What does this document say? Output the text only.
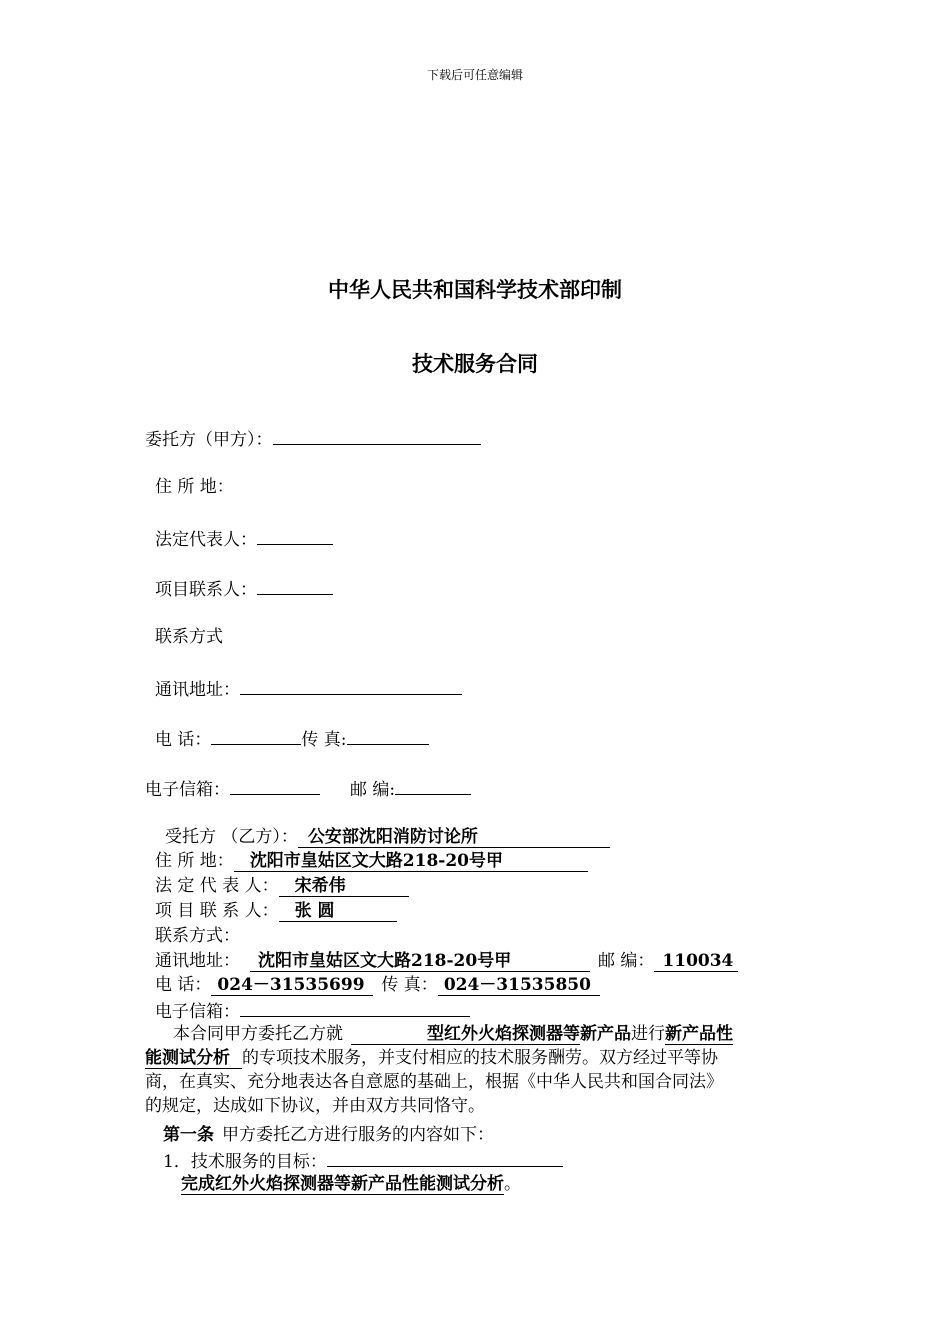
下载后可任意编辑
中华人民共和国科学技术部印制
技术服务合同
委托方（甲方）：
住 所 地：
法定代表人：
项目联系人：
联系方式
通讯地址：
电 话：	传 真:
电子信箱：	邮 编:
受托方 （乙方）： 公安部沈阳消防讨论所
住 所 地： 沈阳市皇姑区文大路218-20号甲
法 定 代 表 人： 宋希伟
项 目 联 系 人： 张 圆
联系方式：
通讯地址： 沈阳市皇姑区文大路218-20号甲	邮 编： 110034
电 话： 024－31535699 传 真： 024－31535850
电子信箱：
本合同甲方委托乙方就	型红外火焰探测器等新产品进行新产品性
能测试分析 的专项技术服务，并支付相应的技术服务酬劳。双方经过平等协
商，在真实、充分地表达各自意愿的基础上，根据《中华人民共和国合同法》
的规定，达成如下协议，并由双方共同恪守。
第一条 甲方委托乙方进行服务的内容如下：
1．技术服务的目标：
完成红外火焰探测器等新产品性能测试分析。
